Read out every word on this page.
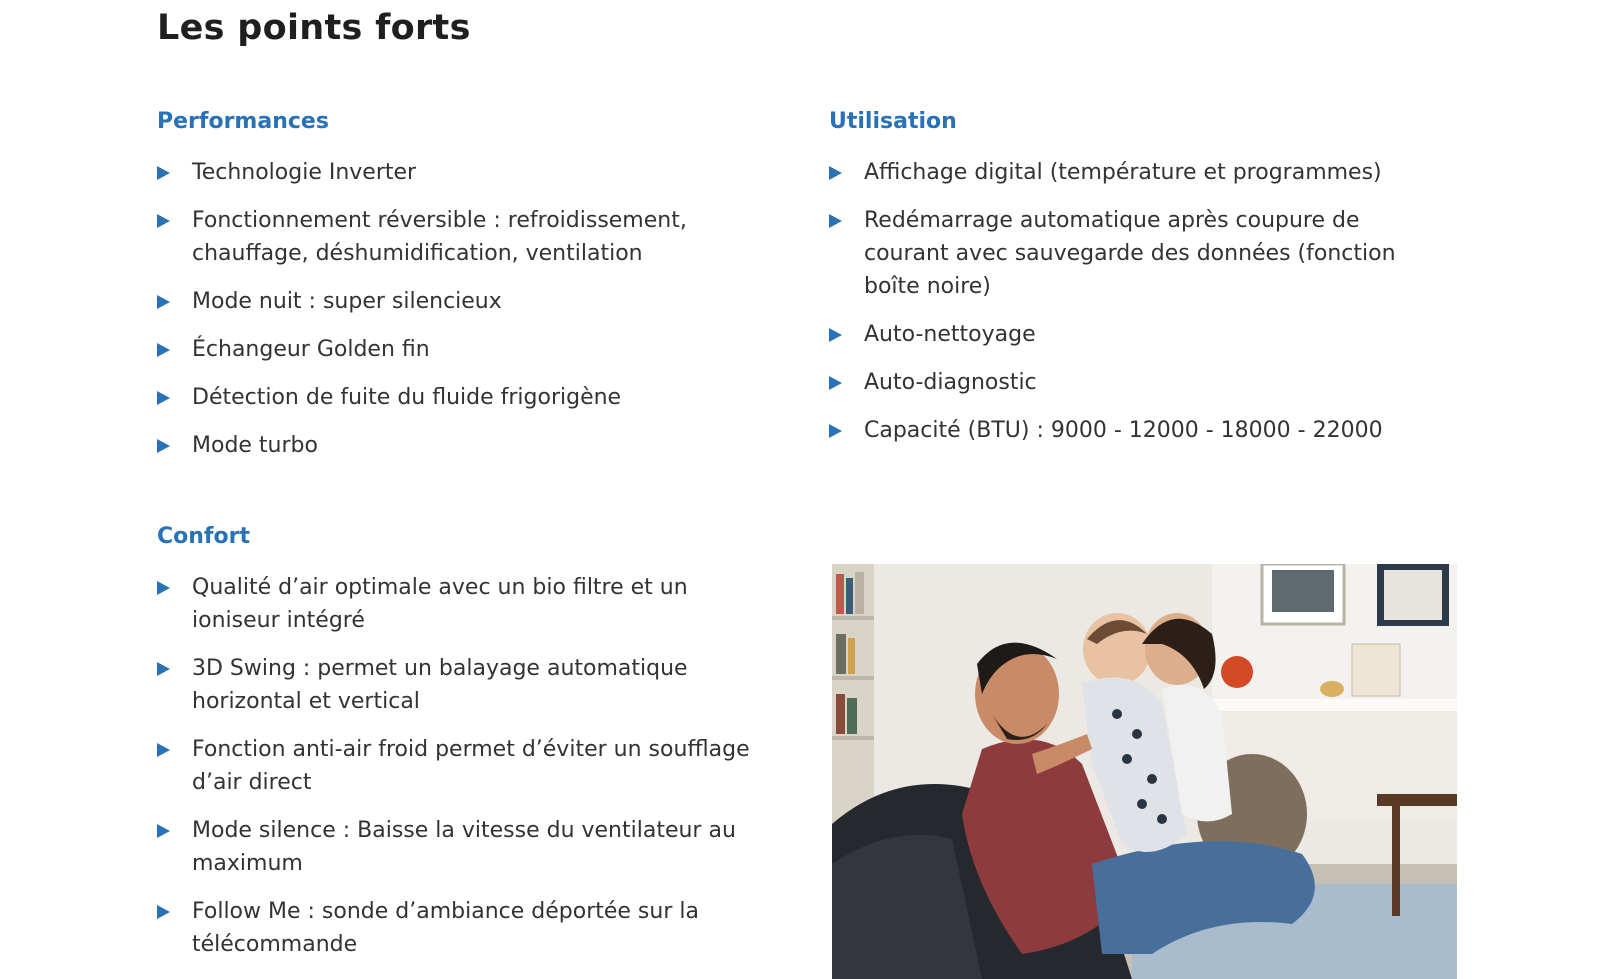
Les points forts
Performances
Technologie Inverter
Fonctionnement réversible : refroidissement, chauffage, déshumidification, ventilation
Mode nuit : super silencieux
Échangeur Golden fin
Détection de fuite du fluide frigorigène
Mode turbo
Utilisation
Affichage digital (température et programmes)
Redémarrage automatique après coupure de courant avec sauvegarde des données (fonction boîte noire)
Auto-nettoyage
Auto-diagnostic
Capacité (BTU) : 9000 - 12000 - 18000 - 22000
Confort
Qualité d’air optimale avec un bio filtre et un ioniseur intégré
3D Swing : permet un balayage automatique horizontal et vertical
Fonction anti-air froid permet d’éviter un soufflage d’air direct
Mode silence : Baisse la vitesse du ventilateur au maximum
Follow Me : sonde d’ambiance déportée sur la télécommande
